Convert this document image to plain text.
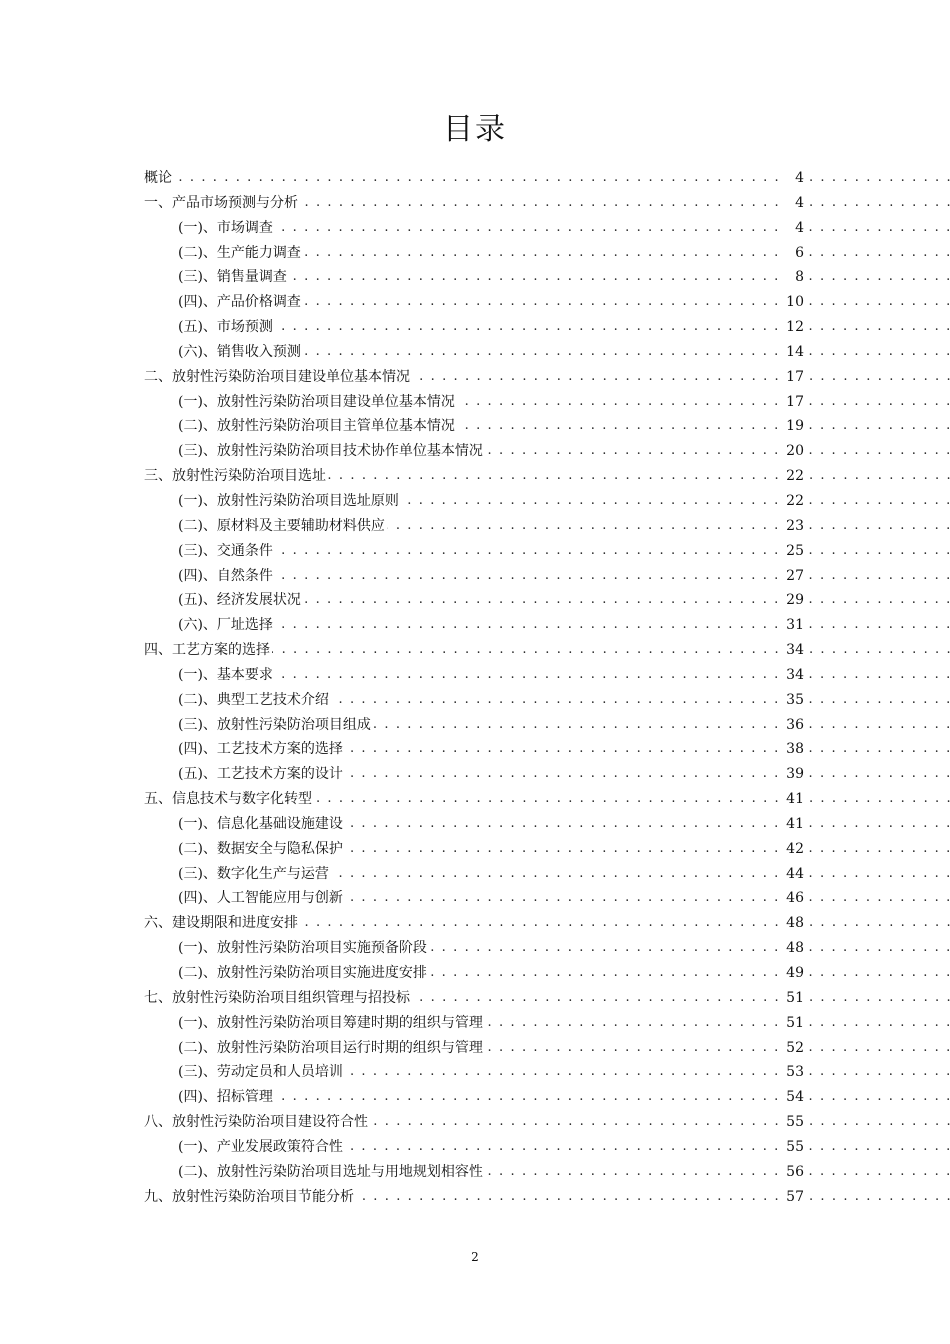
目录
. . .
概论	4
. . .
一、产品市场预测与分析	4
. . .
(一)、市场调查	4
. . .
(二)、生产能力调查	6
. . .
(三)、销售量调查	8
. . .
(四)、产品价格调查	10
. . .
(五)、市场预测	12
. . .
(六)、销售收入预测	14
. . .
二、放射性污染防治项目建设单位基本情况	17
. . .
(一)、放射性污染防治项目建设单位基本情况	17
. . .
(二)、放射性污染防治项目主管单位基本情况	19
. . .
(三)、放射性污染防治项目技术协作单位基本情况	20
. . .
三、放射性污染防治项目选址	22
. . .
(一)、放射性污染防治项目选址原则	22
. . .
(二)、原材料及主要辅助材料供应	23
. . .
(三)、交通条件	25
. . .
(四)、自然条件	27
. . .
(五)、经济发展状况	29
. . .
(六)、厂址选择	31
. . .
四、工艺方案的选择	34
. . .
(一)、基本要求	34
. . .
(二)、典型工艺技术介绍	35
. . .
(三)、放射性污染防治项目组成	36
. . .
(四)、工艺技术方案的选择	38
. . .
(五)、工艺技术方案的设计	39
. . .
五、信息技术与数字化转型	41
. . .
(一)、信息化基础设施建设	41
. . .
(二)、数据安全与隐私保护	42
. . .
(三)、数字化生产与运营	44
. . .
(四)、人工智能应用与创新	46
. . .
六、建设期限和进度安排	48
. . .
(一)、放射性污染防治项目实施预备阶段	48
. . .
(二)、放射性污染防治项目实施进度安排	49
. . .
七、放射性污染防治项目组织管理与招投标	51
. . .
(一)、放射性污染防治项目筹建时期的组织与管理	51
. . .
(二)、放射性污染防治项目运行时期的组织与管理	52
. . .
(三)、劳动定员和人员培训	53
. . .
(四)、招标管理	54
. . .
八、放射性污染防治项目建设符合性	55
. . .
(一)、产业发展政策符合性	55
. . .
(二)、放射性污染防治项目选址与用地规划相容性	56
. . .
九、放射性污染防治项目节能分析	57
2
